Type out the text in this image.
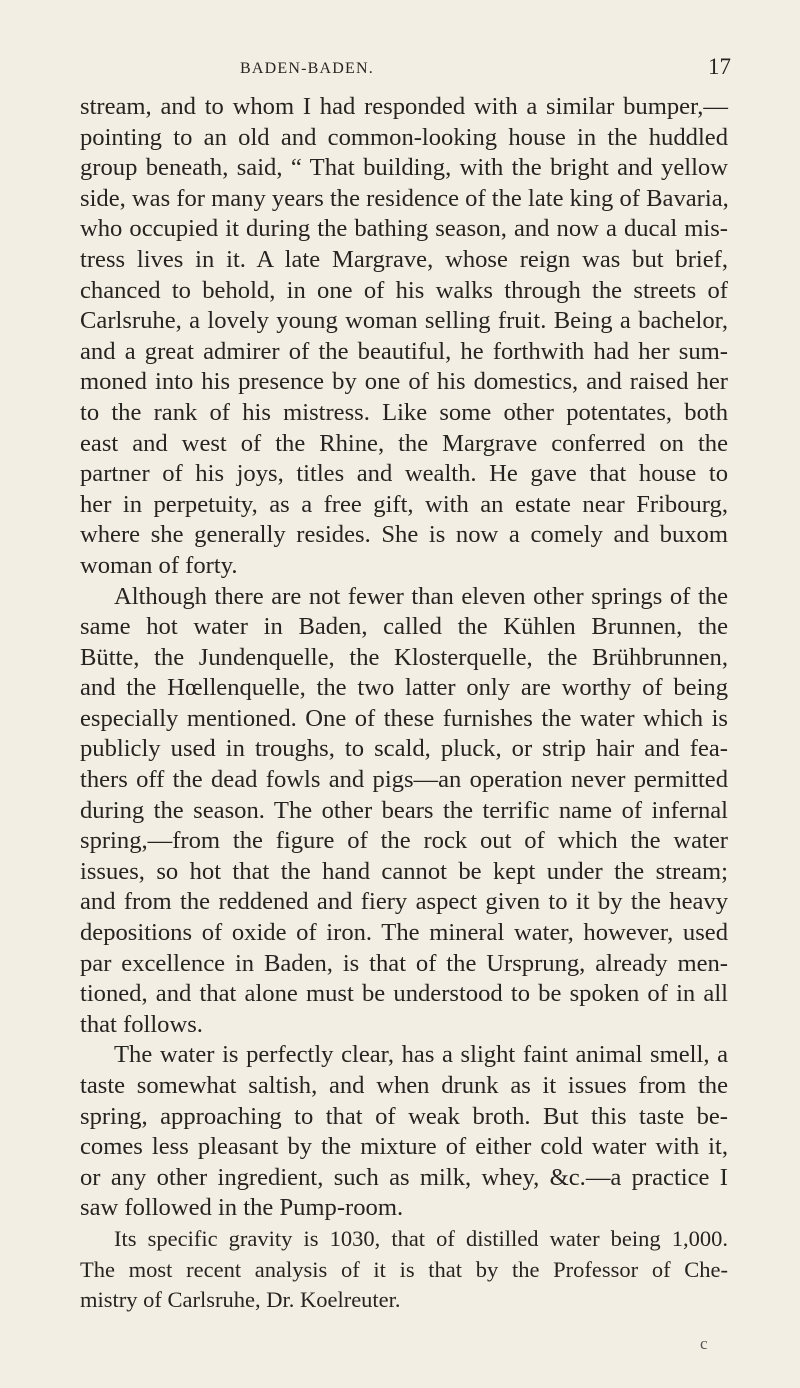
BADEN-BADEN.	17
stream, and to whom I had responded with a similar bumper,—
pointing to an old and common-looking house in the huddled
group beneath, said, “ That building, with the bright and yellow
side, was for many years the residence of the late king of Bavaria,
who occupied it during the bathing season, and now a ducal mis-
tress lives in it. A late Margrave, whose reign was but brief,
chanced to behold, in one of his walks through the streets of
Carlsruhe, a lovely young woman selling fruit. Being a bachelor,
and a great admirer of the beautiful, he forthwith had her sum-
moned into his presence by one of his domestics, and raised her
to the rank of his mistress. Like some other potentates, both
east and west of the Rhine, the Margrave conferred on the
partner of his joys, titles and wealth. He gave that house to
her in perpetuity, as a free gift, with an estate near Fribourg,
where she generally resides. She is now a comely and buxom
woman of forty.
Although there are not fewer than eleven other springs of the
same hot water in Baden, called the Kühlen Brunnen, the
Bütte, the Jundenquelle, the Klosterquelle, the Brühbrunnen,
and the Hœllenquelle, the two latter only are worthy of being
especially mentioned. One of these furnishes the water which is
publicly used in troughs, to scald, pluck, or strip hair and fea-
thers off the dead fowls and pigs—an operation never permitted
during the season. The other bears the terrific name of infernal
spring,—from the figure of the rock out of which the water
issues, so hot that the hand cannot be kept under the stream;
and from the reddened and fiery aspect given to it by the heavy
depositions of oxide of iron. The mineral water, however, used
par excellence in Baden, is that of the Ursprung, already men-
tioned, and that alone must be understood to be spoken of in all
that follows.
The water is perfectly clear, has a slight faint animal smell, a
taste somewhat saltish, and when drunk as it issues from the
spring, approaching to that of weak broth. But this taste be-
comes less pleasant by the mixture of either cold water with it,
or any other ingredient, such as milk, whey, &c.—a practice I
saw followed in the Pump-room.
Its specific gravity is 1030, that of distilled water being 1,000.
The most recent analysis of it is that by the Professor of Che-
mistry of Carlsruhe, Dr. Koelreuter.
c
